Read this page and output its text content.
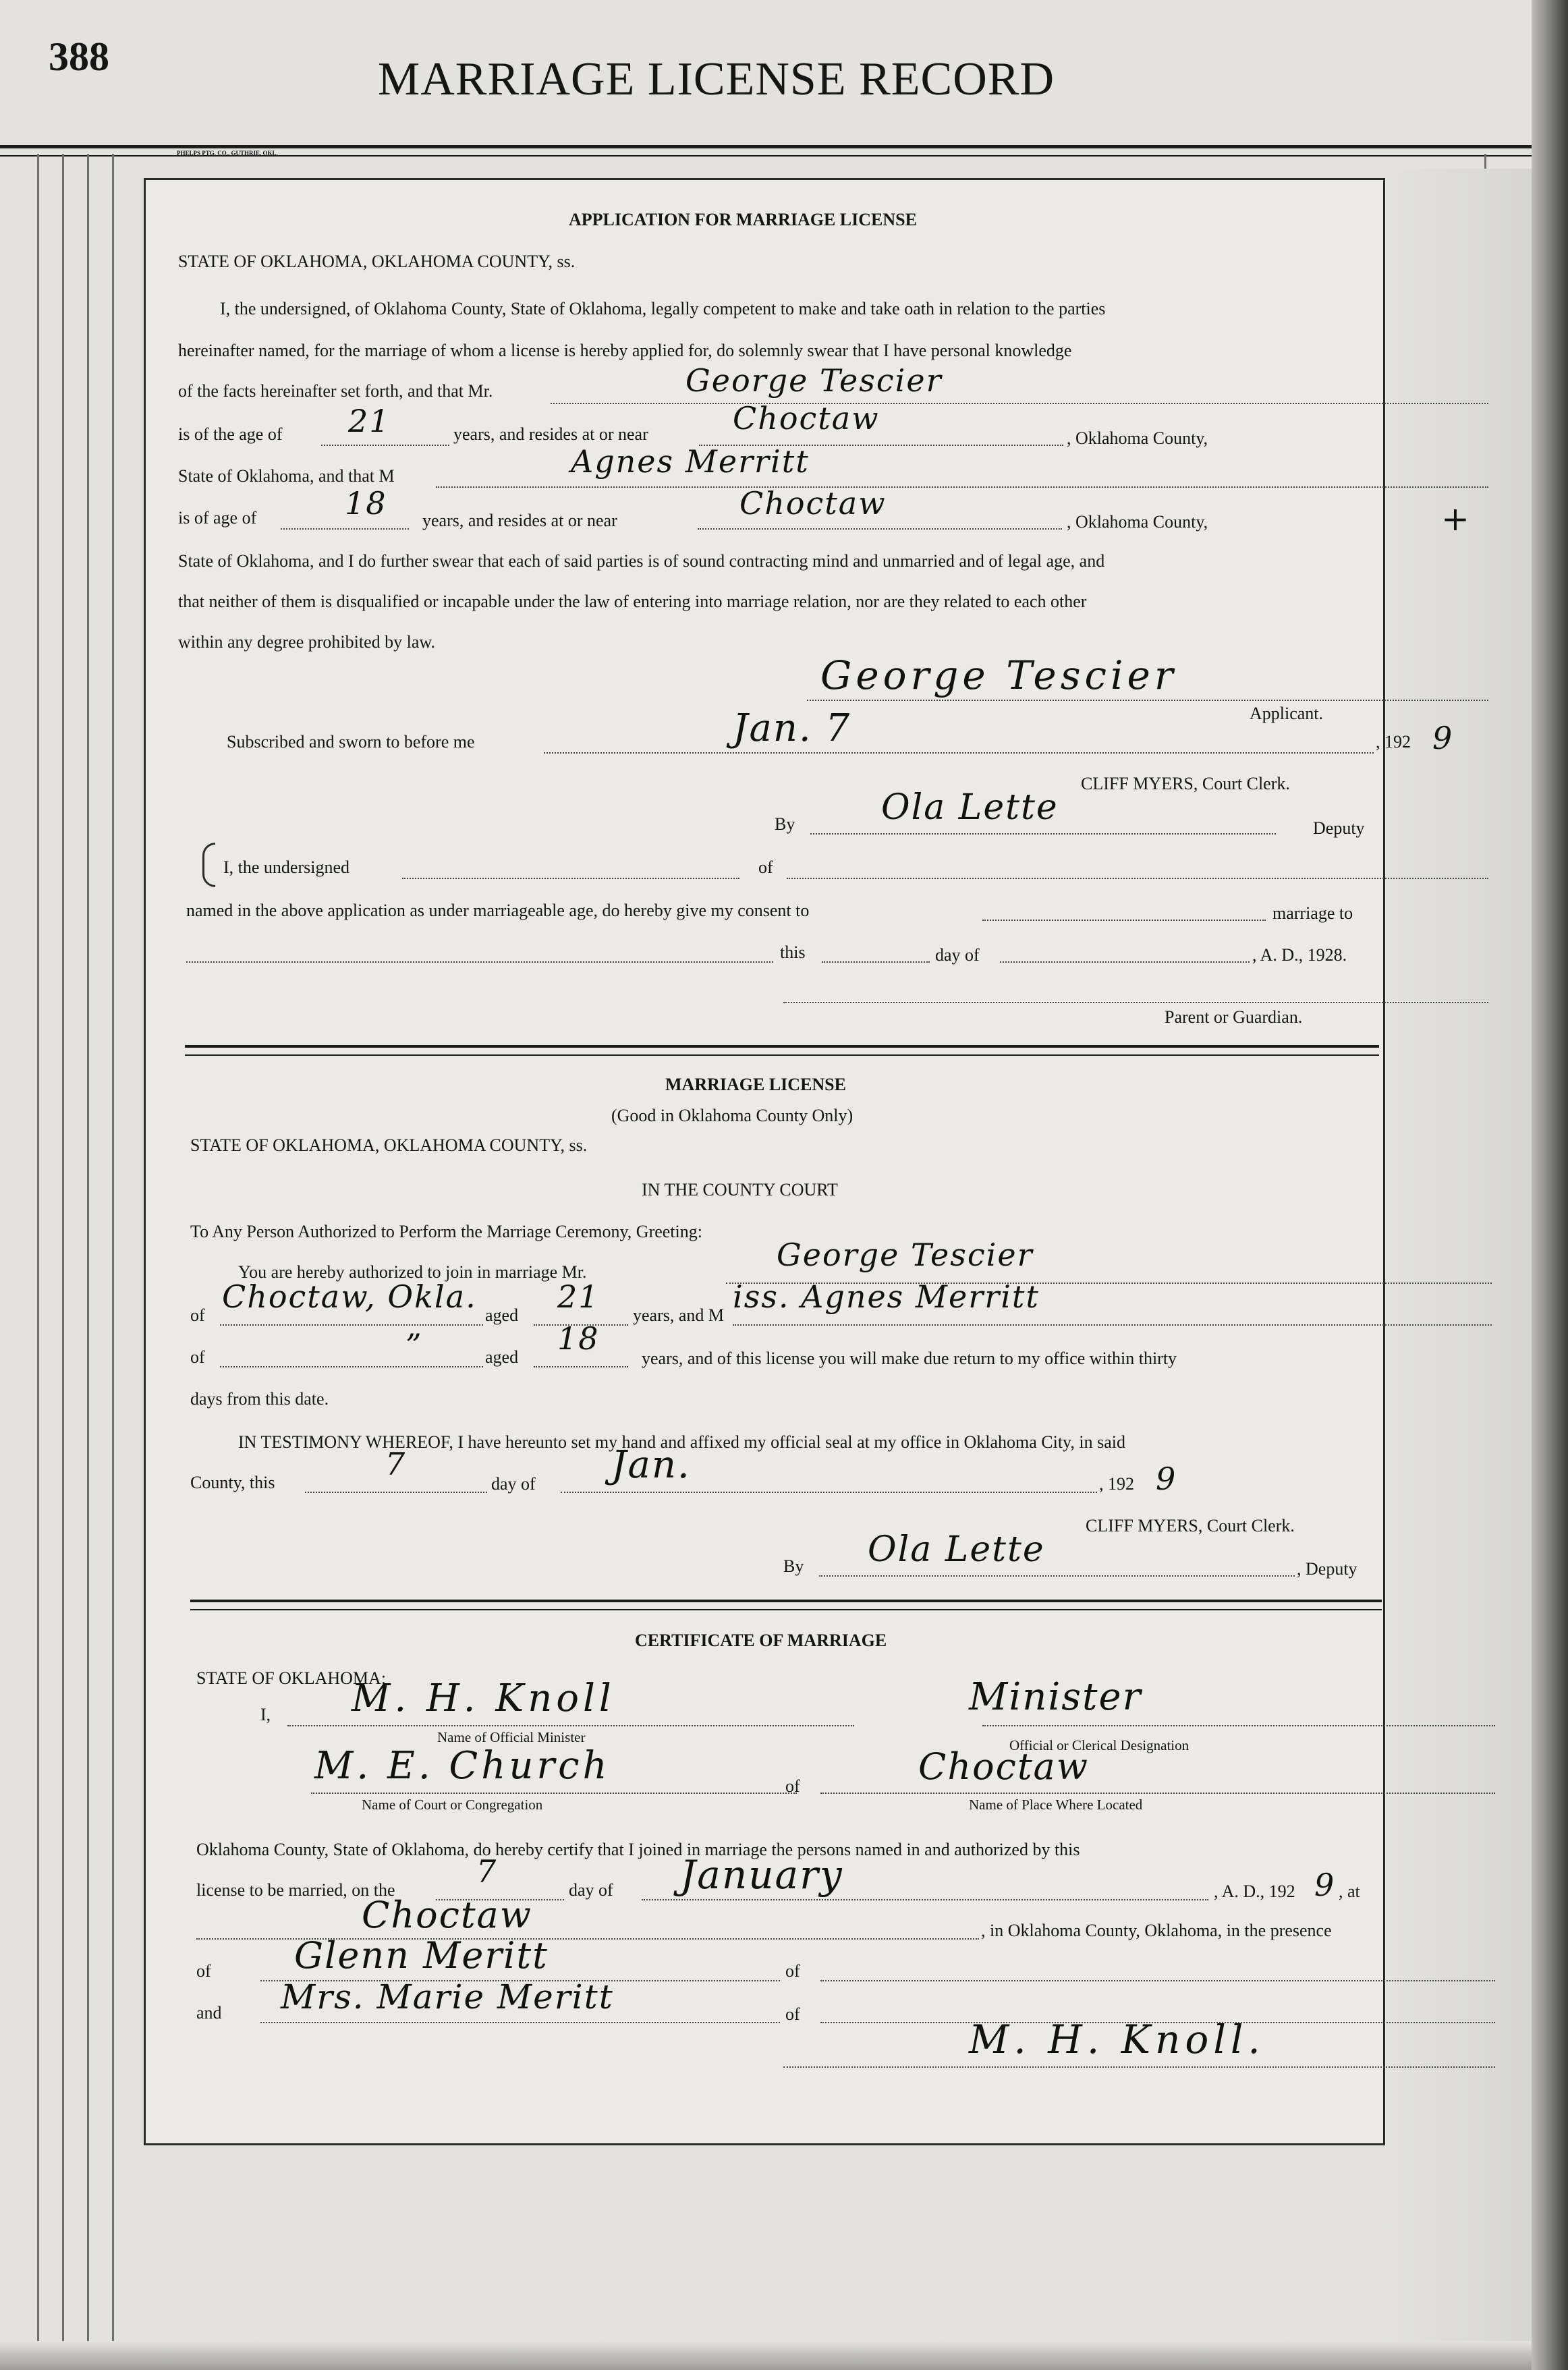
388	MARRIAGE LICENSE RECORD
PHELPS PTG. CO., GUTHRIE, OKL.
APPLICATION FOR MARRIAGE LICENSE
STATE OF OKLAHOMA, OKLAHOMA COUNTY, ss.
I, the undersigned, of Oklahoma County, State of Oklahoma, legally competent to make and take oath in relation to the parties
hereinafter named, for the marriage of whom a license is hereby applied for, do solemnly swear that I have personal knowledge
of the facts hereinafter set forth, and that Mr.	George Tescier
is of the age of 21	years, and resides at or near	Choctaw
, Oklahoma County,
State of Oklahoma, and that M	Agnes Merritt
is of age of	18 years, and resides at or near	Choctaw
, Oklahoma County,
State of Oklahoma, and I do further swear that each of said parties is of sound contracting mind and unmarried and of legal age, and
that neither of them is disqualified or incapable under the law of entering into marriage relation, nor are they related to each other
within any degree prohibited by law.
George Tescier
Applicant.
Subscribed and sworn to before me	Jan. 7	, 192 9
CLIFF MYERS, Court Clerk.
By Ola Lette
Deputy
I, the undersigned	of
named in the above application as under marriageable age, do hereby give my consent to	marriage to
this	day of	, A. D., 1928.
Parent or Guardian.
MARRIAGE LICENSE
(Good in Oklahoma County Only)
STATE OF OKLAHOMA, OKLAHOMA COUNTY, ss.
IN THE COUNTY COURT
To Any Person Authorized to Perform the Marriage Ceremony, Greeting:
You are hereby authorized to join in marriage Mr.	George Tescier
of
Choctaw, Okla.
aged
21
years, and M
iss. Agnes Merritt
of	”	aged
18
years, and of this license you will make due return to my office within thirty
days from this date.
IN TESTIMONY WHEREOF, I have hereunto set my hand and affixed my official seal at my office in Oklahoma City, in said
County, this
7
day of Jan.	, 192 9
CLIFF MYERS, Court Clerk.
By Ola Lette	, Deputy
CERTIFICATE OF MARRIAGE
STATE OF OKLAHOMA:
I, M. H. Knoll
Name of Official Minister
Minister
Official or Clerical Designation
M. E. Church
Name of Court or Congregation
of	Choctaw
Name of Place Where Located
Oklahoma County, State of Oklahoma, do hereby certify that I joined in marriage the persons named in and authorized by this
license to be married, on the
7
day of January	, A. D., 192 9 , at
Choctaw	, in Oklahoma County, Oklahoma, in the presence
of Glenn Meritt	of
and Mrs. Marie Meritt	of
M. H. Knoll.
+
